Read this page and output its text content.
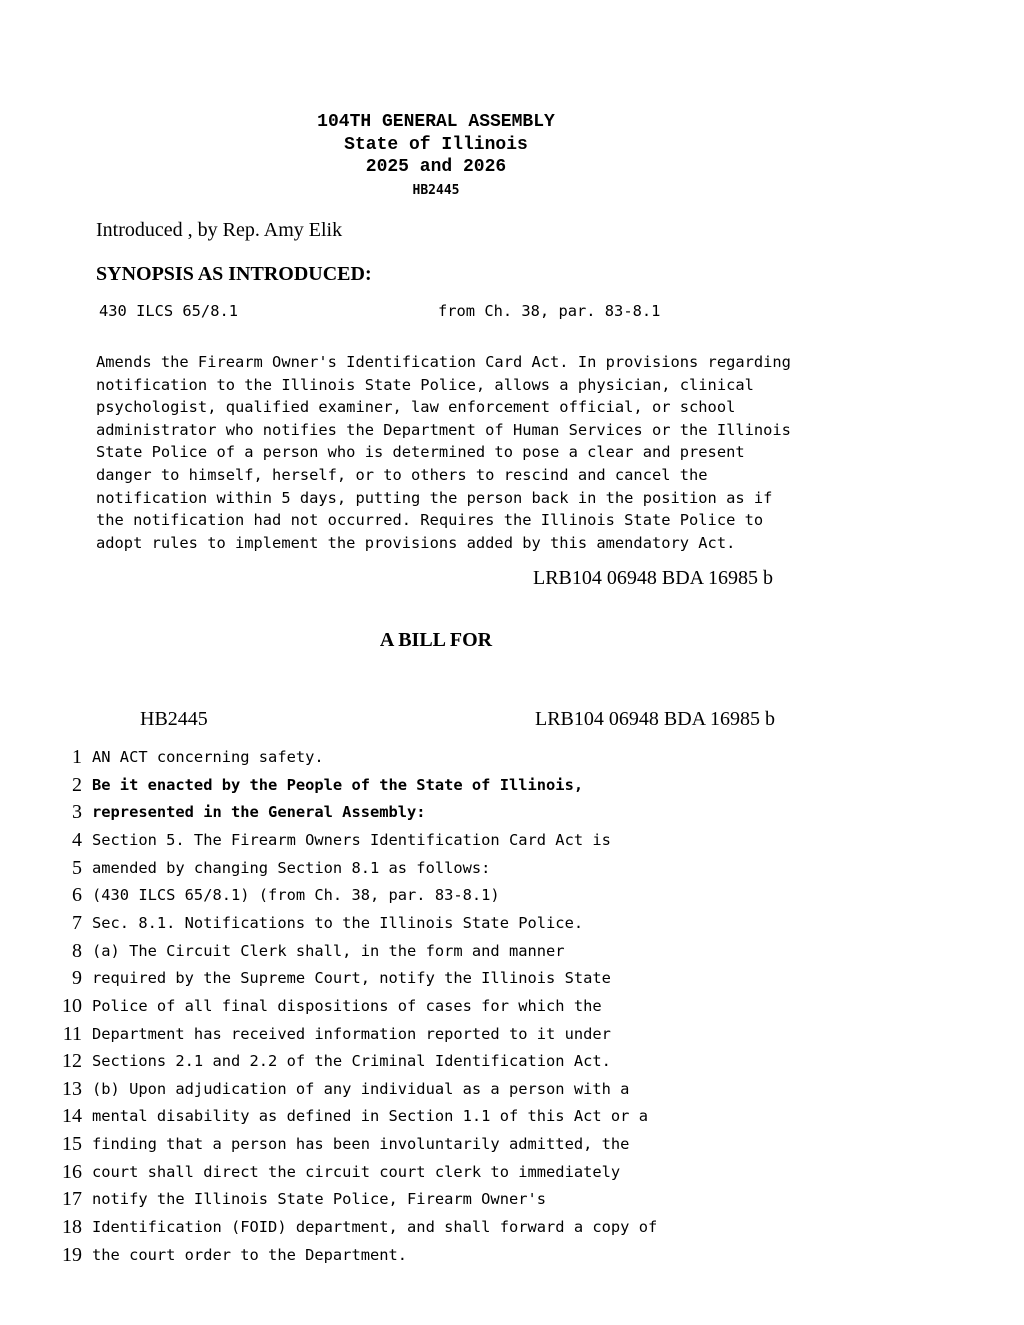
104TH GENERAL ASSEMBLY
State of Illinois
2025 and 2026
HB2445
Introduced , by Rep. Amy Elik
SYNOPSIS AS INTRODUCED:
430 ILCS 65/8.1	from Ch. 38, par. 83-8.1
Amends the Firearm Owner's Identification Card Act. In provisions regarding
notification to the Illinois State Police, allows a physician, clinical
psychologist, qualified examiner, law enforcement official, or school
administrator who notifies the Department of Human Services or the Illinois
State Police of a person who is determined to pose a clear and present
danger to himself, herself, or to others to rescind and cancel the
notification within 5 days, putting the person back in the position as if
the notification had not occurred. Requires the Illinois State Police to
adopt rules to implement the provisions added by this amendatory Act.
LRB104 06948 BDA 16985 b
A BILL FOR
HB2445	LRB104 06948 BDA 16985 b
1 AN ACT concerning safety.
2 Be it enacted by the People of the State of Illinois,
3 represented in the General Assembly:
4 Section 5. The Firearm Owners Identification Card Act is
5 amended by changing Section 8.1 as follows:
6 (430 ILCS 65/8.1) (from Ch. 38, par. 83-8.1)
7 Sec. 8.1. Notifications to the Illinois State Police.
8 (a) The Circuit Clerk shall, in the form and manner
9 required by the Supreme Court, notify the Illinois State
10 Police of all final dispositions of cases for which the
11 Department has received information reported to it under
12 Sections 2.1 and 2.2 of the Criminal Identification Act.
13 (b) Upon adjudication of any individual as a person with a
14 mental disability as defined in Section 1.1 of this Act or a
15 finding that a person has been involuntarily admitted, the
16 court shall direct the circuit court clerk to immediately
17 notify the Illinois State Police, Firearm Owner's
18 Identification (FOID) department, and shall forward a copy of
19 the court order to the Department.
